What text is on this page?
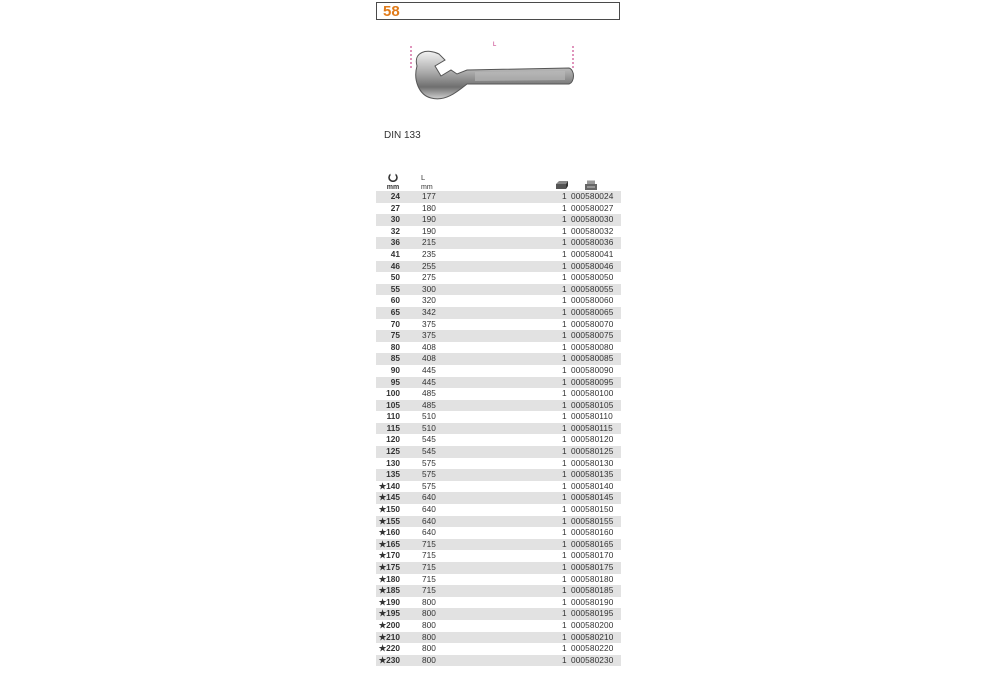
58
L
DIN 133
mm
L
mm
24	177	1 000580024
27	180	1 000580027
30	190	1 000580030
32	190	1 000580032
36	215	1 000580036
41	235	1 000580041
46	255	1 000580046
50	275	1 000580050
55	300	1 000580055
60	320	1 000580060
65	342	1 000580065
70	375	1 000580070
75	375	1 000580075
80	408	1 000580080
85	408	1 000580085
90	445	1 000580090
95	445	1 000580095
100	485	1 000580100
105	485	1 000580105
110	510	1 000580110
115	510	1 000580115
120	545	1 000580120
125	545	1 000580125
130	575	1 000580130
135	575	1 000580135
★140	575	1 000580140
★145	640	1 000580145
★150	640	1 000580150
★155	640	1 000580155
★160	640	1 000580160
★165	715	1 000580165
★170	715	1 000580170
★175	715	1 000580175
★180	715	1 000580180
★185	715	1 000580185
★190	800	1 000580190
★195	800	1 000580195
★200	800	1 000580200
★210	800	1 000580210
★220	800	1 000580220
★230	800	1 000580230
